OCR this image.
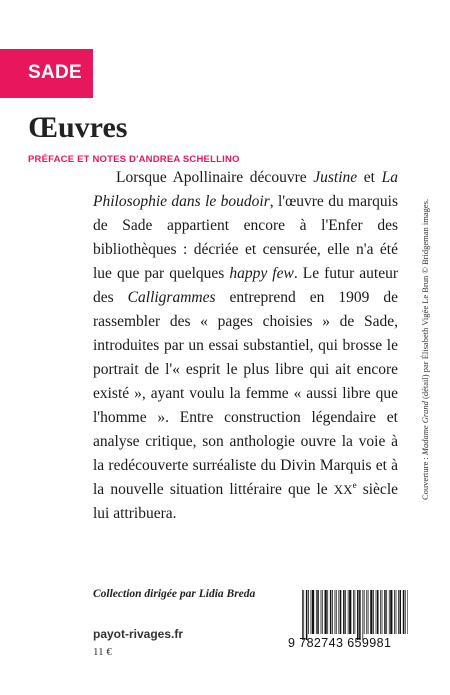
SADE
Œuvres
PRÉFACE ET NOTES D'ANDREA SCHELLINO

Lorsque Apollinaire découvre Justine et La Philosophie dans le boudoir, l'œuvre du marquis de Sade appartient encore à l'Enfer des bibliothèques : décriée et censurée, elle n'a été lue que par quelques happy few. Le futur auteur des Calligrammes entreprend en 1909 de rassembler des « pages choisies » de Sade, introduites par un essai substantiel, qui brosse le portrait de l'« esprit le plus libre qui ait encore existé », ayant voulu la femme « aussi libre que l'homme ». Entre construction légendaire et analyse critique, son anthologie ouvre la voie à la redécouverte surréaliste du Divin Marquis et à la nouvelle situation littéraire que le XXe siècle lui attribuera.

Couverture : Madame Grand (détail) par Élisabeth Vigée Le Brun © Bridgeman images.
Collection dirigée par Lidia Breda
payot-rivages.fr
11 €
9 782743 659981
